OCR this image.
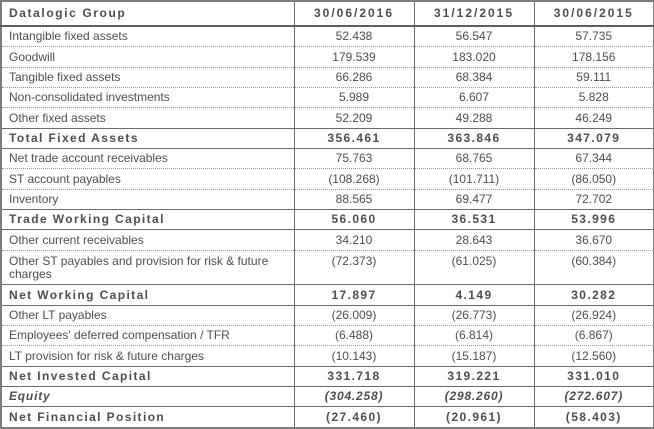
Datalogic Group	30/06/2016	31/12/2015	30/06/2015
Intangible fixed assets	52.438	56.547	57.735
Goodwill	179.539	183.020	178.156
Tangible fixed assets	66.286	68.384	59.111
Non-consolidated investments	5.989	6.607	5.828
Other fixed assets	52.209	49.288	46.249
Total Fixed Assets	356.461	363.846	347.079
Net trade account receivables	75.763	68.765	67.344
ST account payables	(108.268)	(101.711)	(86.050)
Inventory	88.565	69.477	72.702
Trade Working Capital	56.060	36.531	53.996
Other current receivables	34.210	28.643	36.670
Other ST payables and provision for risk & future charges	(72.373)	(61.025)	(60.384)
Net Working Capital	17.897	4.149	30.282
Other LT payables	(26.009)	(26.773)	(26.924)
Employees' deferred compensation / TFR	(6.488)	(6.814)	(6.867)
LT provision for risk & future charges	(10.143)	(15.187)	(12.560)
Net Invested Capital	331.718	319.221	331.010
Equity	(304.258)	(298.260)	(272.607)
Net Financial Position	(27.460)	(20.961)	(58.403)
